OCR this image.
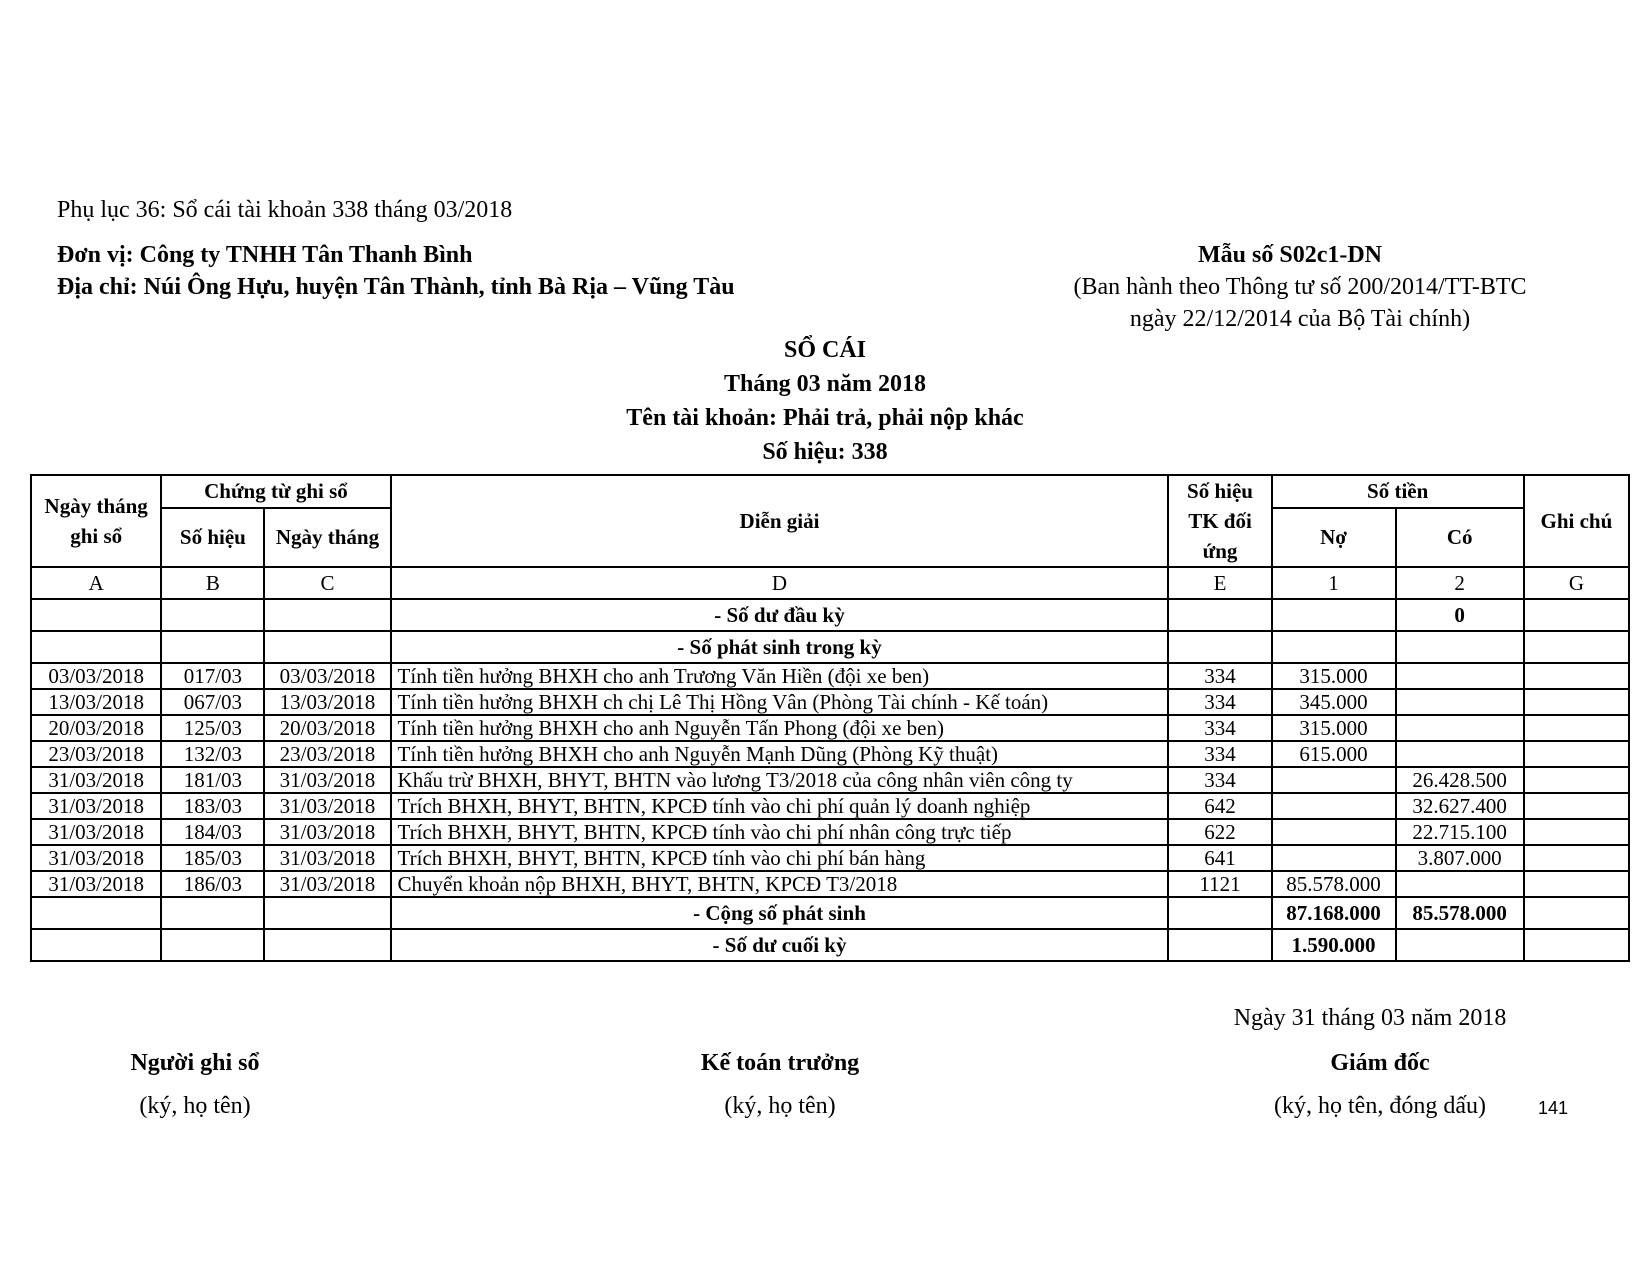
Phụ lục 36: Sổ cái tài khoản 338 tháng 03/2018
Đơn vị: Công ty TNHH Tân Thanh Bình
Địa chỉ: Núi Ông Hựu, huyện Tân Thành, tỉnh Bà Rịa – Vũng Tàu
Mẫu số S02c1-DN
(Ban hành theo Thông tư số 200/2014/TT-BTC
ngày 22/12/2014 của Bộ Tài chính)
SỔ CÁI
Tháng 03 năm 2018
Tên tài khoản: Phải trả, phải nộp khác
Số hiệu: 338
Ngày tháng ghi sổ	Chứng từ ghi sổ		Diễn giải	Số hiệu TK đối ứng	Số tiền		Ghi chú
	Số hiệu	Ngày tháng			Nợ	Có	
A	B	C	D	E	1	2	G
			- Số dư đầu kỳ			0	
			- Số phát sinh trong kỳ				
03/03/2018	017/03	03/03/2018	Tính tiền hưởng BHXH cho anh Trương Văn Hiền (đội xe ben)	334	315.000		
13/03/2018	067/03	13/03/2018	Tính tiền hưởng BHXH ch chị Lê Thị Hồng Vân (Phòng Tài chính - Kế toán)	334	345.000		
20/03/2018	125/03	20/03/2018	Tính tiền hưởng BHXH cho anh Nguyễn Tấn Phong (đội xe ben)	334	315.000		
23/03/2018	132/03	23/03/2018	Tính tiền hưởng BHXH cho anh Nguyễn Mạnh Dũng (Phòng Kỹ thuật)	334	615.000		
31/03/2018	181/03	31/03/2018	Khấu trừ BHXH, BHYT, BHTN vào lương T3/2018 của công nhân viên công ty	334		26.428.500	
31/03/2018	183/03	31/03/2018	Trích BHXH, BHYT, BHTN, KPCĐ tính vào chi phí quản lý doanh nghiệp	642		32.627.400	
31/03/2018	184/03	31/03/2018	Trích BHXH, BHYT, BHTN, KPCĐ tính vào chi phí nhân công trực tiếp	622		22.715.100	
31/03/2018	185/03	31/03/2018	Trích BHXH, BHYT, BHTN, KPCĐ tính vào chi phí bán hàng	641		3.807.000	
31/03/2018	186/03	31/03/2018	Chuyển khoản nộp BHXH, BHYT, BHTN, KPCĐ T3/2018	1121	85.578.000		
			- Cộng số phát sinh		87.168.000	85.578.000	
			- Số dư cuối kỳ		1.590.000		
Ngày 31 tháng 03 năm 2018
Người ghi sổ	Kế toán trưởng	Giám đốc
(ký, họ tên)	(ký, họ tên)	(ký, họ tên, đóng dấu)	141
